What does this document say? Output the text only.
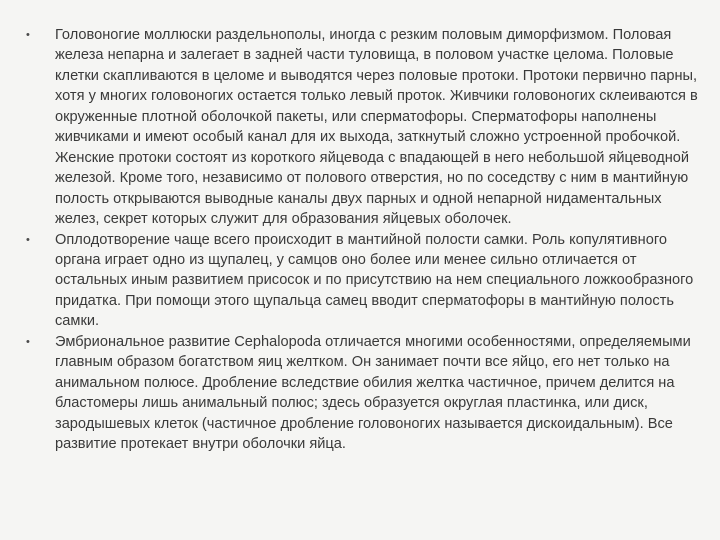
• Головоногие моллюски раздельнополы, иногда с резким половым диморфизмом. Половая железа непарна и залегает в задней части туловища, в половом участке целома. Половые клетки скапливаются в целоме и выводятся через половые протоки. Протоки первично парны, хотя у многих головоногих остается только левый проток. Живчики головоногих склеиваются в окруженные плотной оболочкой пакеты, или сперматофоры. Сперматофоры наполнены живчиками и имеют особый канал для их выхода, заткнутый сложно устроенной пробочкой. Женские протоки состоят из короткого яйцевода с впадающей в него небольшой яйцеводной железой. Кроме того, независимо от полового отверстия, но по соседству с ним в мантийную полость открываются выводные каналы двух парных и одной непарной нидаментальных желез, секрет которых служит для образования яйцевых оболочек.
• Оплодотворение чаще всего происходит в мантийной полости самки. Роль копулятивного органа играет одно из щупалец, у самцов оно более или менее сильно отличается от остальных иным развитием присосок и по присутствию на нем специального ложкообразного придатка. При помощи этого щупальца самец вводит сперматофоры в мантийную полость самки.
• Эмбриональное развитие Cephalopoda отличается многими особенностями, определяемыми главным образом богатством яиц желтком. Он занимает почти все яйцо, его нет только на анимальном полюсе. Дробление вследствие обилия желтка частичное, причем делится на бластомеры лишь анимальный полюс; здесь образуется округлая пластинка, или диск, зародышевых клеток (частичное дробление головоногих называется дискоидальным). Все развитие протекает внутри оболочки яйца.
